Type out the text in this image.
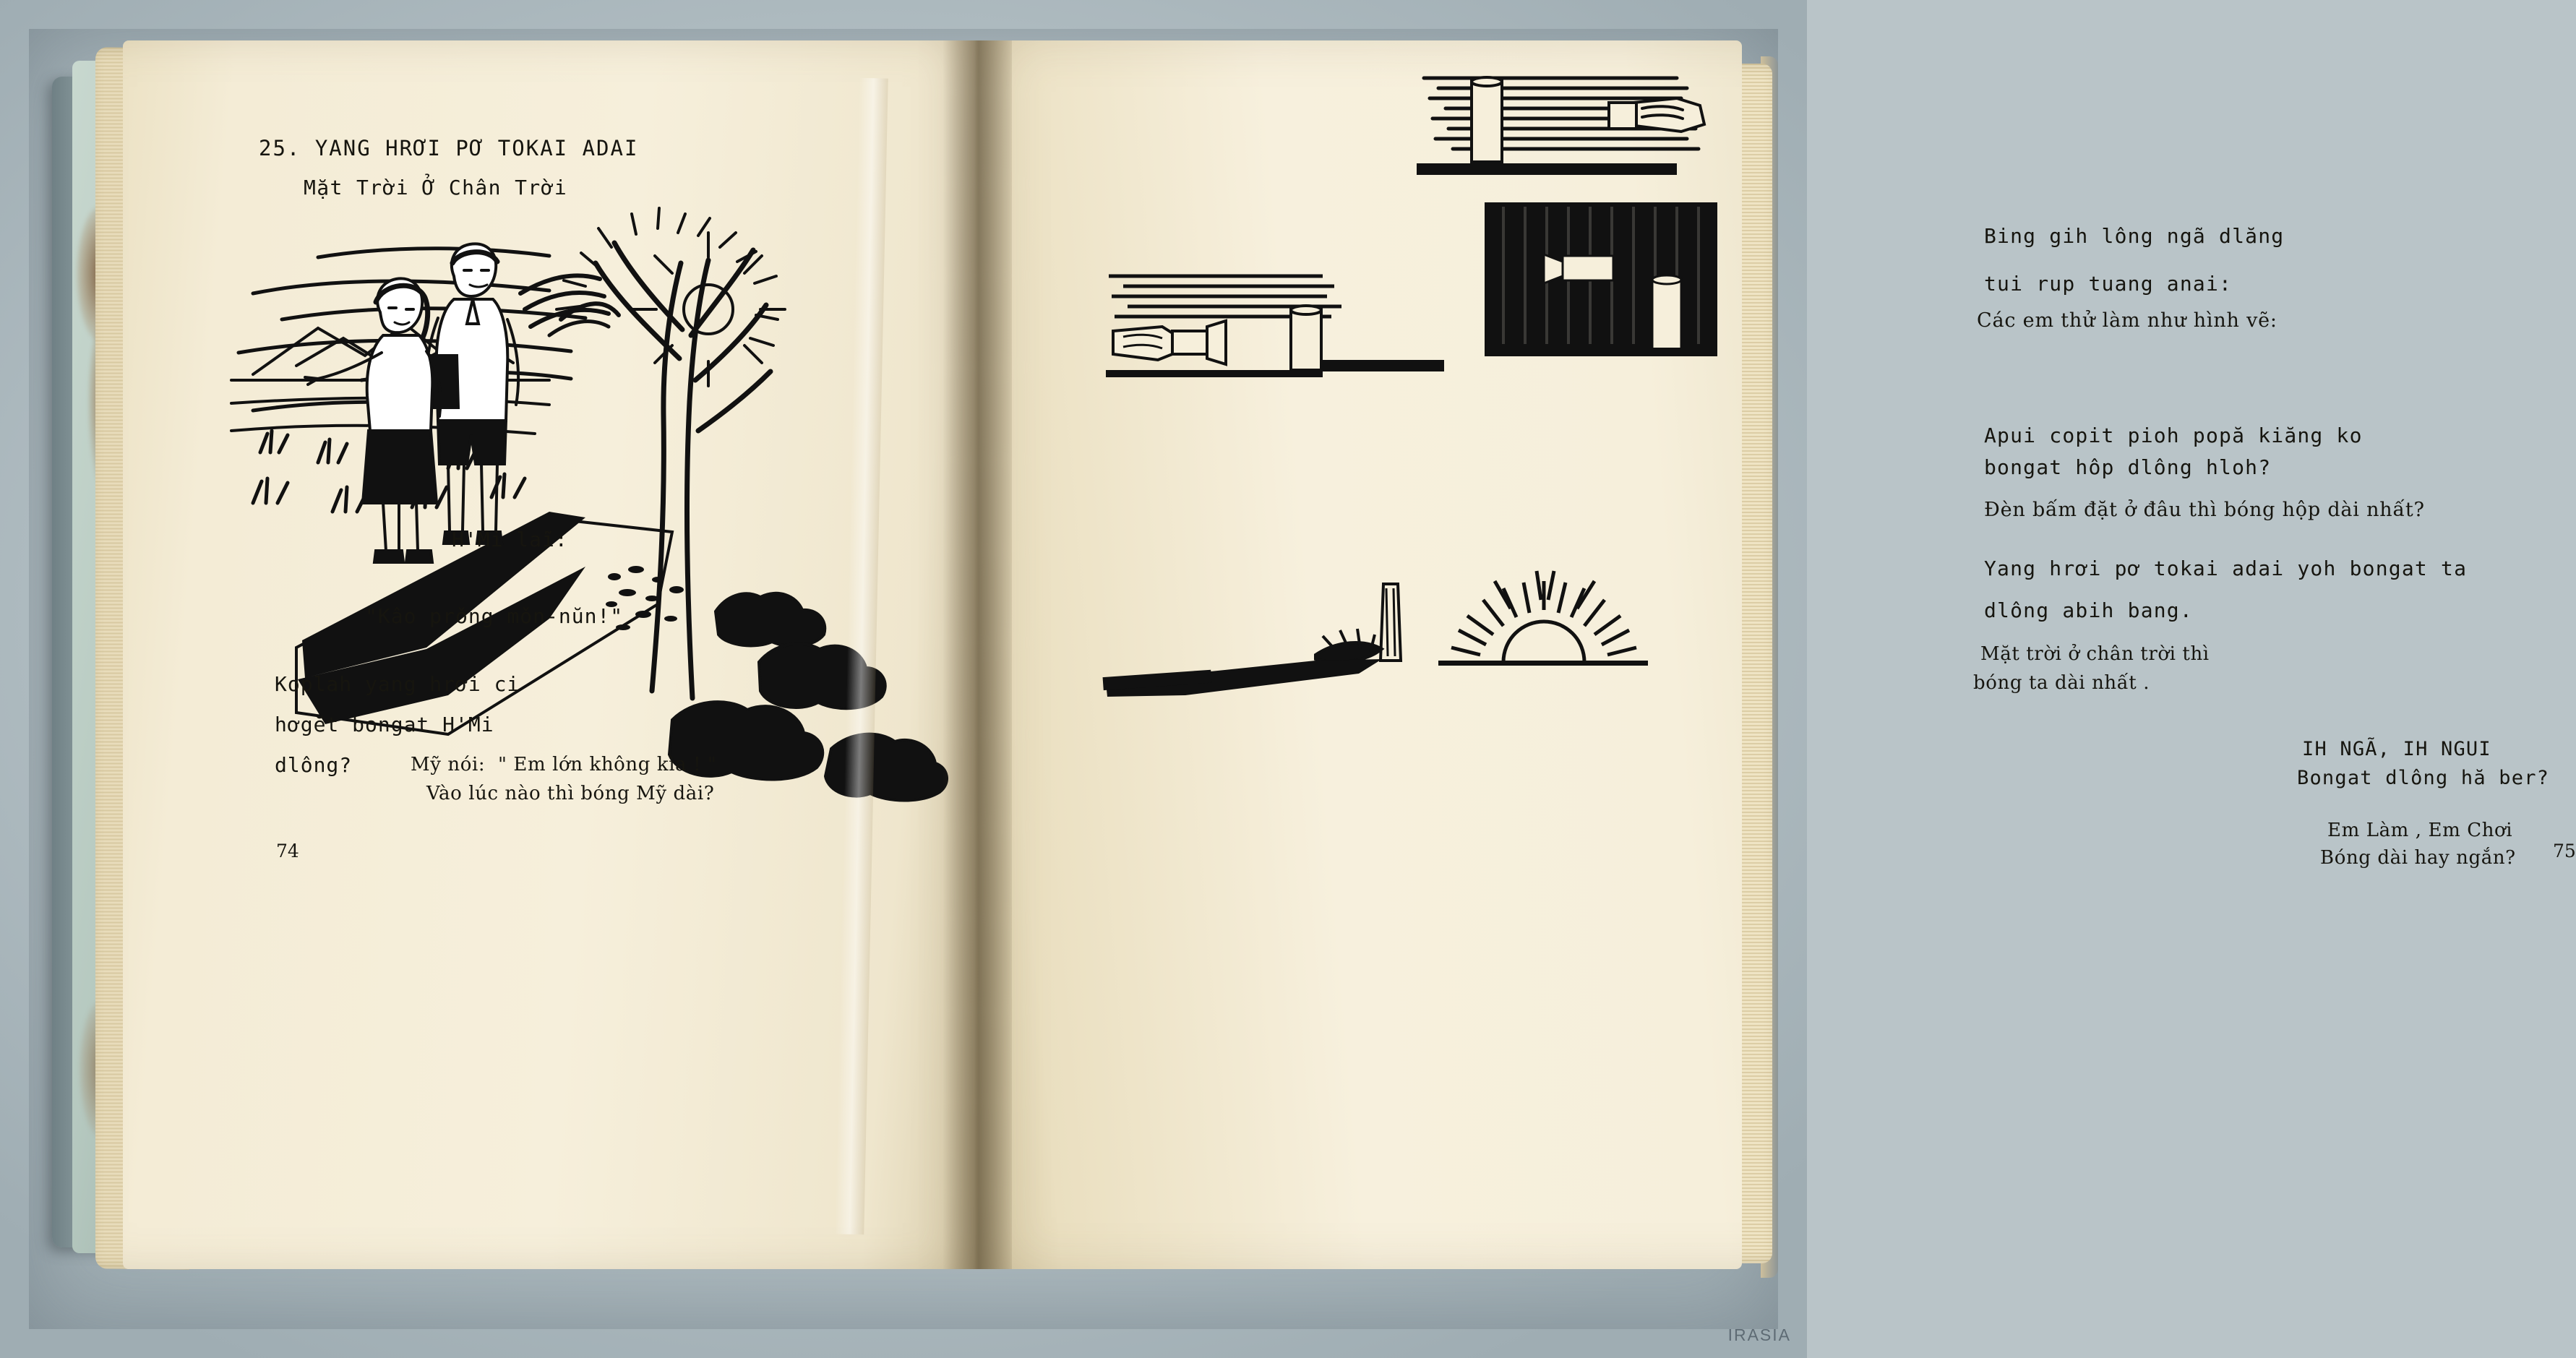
25. YANG HRƠI PƠ TOKAI ADAI
Mặt Trời Ở Chân Trời
H'Mi laĩ:
"Kâo prǒng mǒn-nŭn!"
Koplah yang hrơi ci
hơgĕt bongat H'Mi
dlông?	Mỹ nói:  " Em lớn không kìa ! "
Vào lúc nào thì bóng Mỹ dài?
74
Bing gih lông ngã dlăng
tui rup tuang anai:
Các em thử làm như hình vẽ:
Apui copit pioh popă kiăng ko
bongat hôp dlông hloh?
Đèn bấm đặt ở đâu thì bóng hộp dài nhất?
Yang hrơi pơ tokai adai yoh bongat ta
dlông abih bang.
Mặt trời ở chân trời thì
bóng ta dài nhất .
IH NGÃ, IH NGUI
Bongat dlông hă ber?
Em Làm , Em Chơi
Bóng dài hay ngắn? 75
IRASIA
